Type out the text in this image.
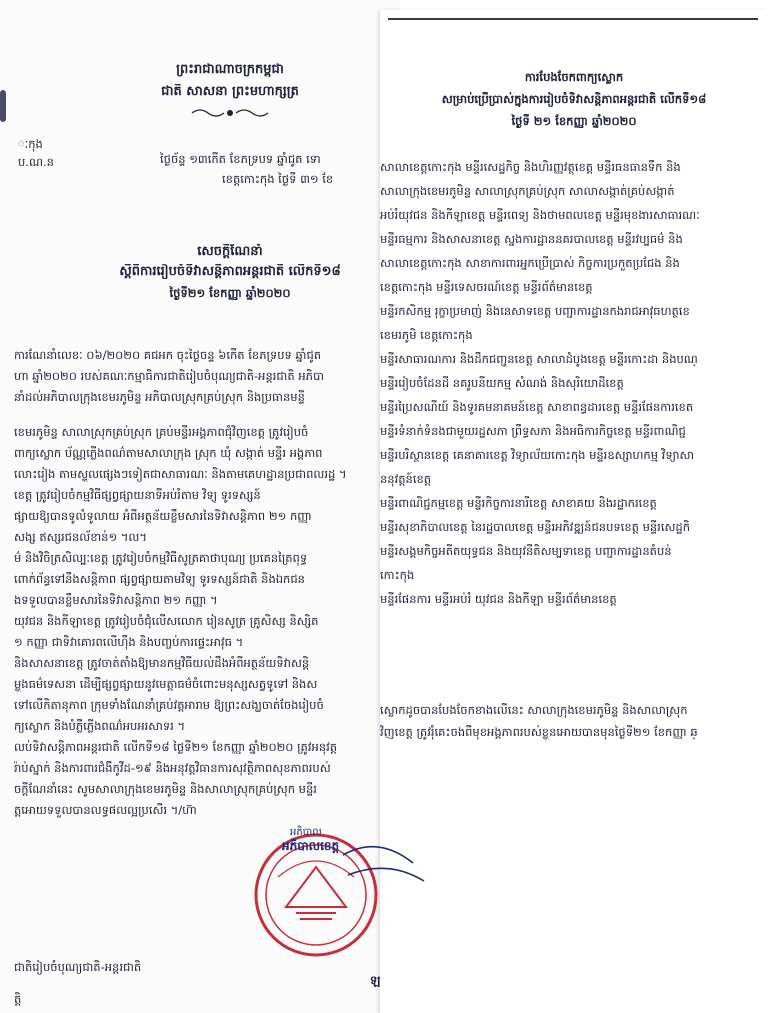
ព្រះរាជាណាចក្រកម្ពុជា
ជាតិ សាសនា ព្រះមហាក្សត្រ
ៈកុង
ប.ណ.ន	ថ្ងៃច័ន្ទ ១៣កើត ខែភទ្របទ ឆ្នាំជូត ទោ
ខេត្តកោះកុង ថ្ងៃទី ៣១ ខែ
សេចក្តីណែនាំ
ស្តីពីការរៀបចំទិវាសន្តិភាពអន្តរជាតិ លើកទី១៨
ថ្ងៃទី២១ ខែកញ្ញា ឆ្នាំ២០២០
ការណែនាំលេខៈ ០៦/២០២០ គជអក ចុះថ្ងៃចន្ទ ៦កើត ខែភទ្របទ ឆ្នាំជូត
ហា ឆ្នាំ២០២០ របស់គណៈកម្មាធិការជាតិរៀបចំបុណ្យជាតិ-អន្តរជាតិ អភិបា
នាំដល់អភិបាលក្រុងខេមរភូមិន្ទ អភិបាលស្រុកគ្រប់ស្រុក និងប្រធានមន្ទី
ខេមរភូមិន្ទ សាលាស្រុកគ្រប់ស្រុក គ្រប់មន្ទីរអង្គភាពជុំវិញខេត្ត ត្រូវរៀបចំ
ពាក្យស្លោក ប័ណ្ណភ្លើងពណ៌តាមសាលាក្រុង ស្រុក ឃុំ សង្កាត់ មន្ទីរ អង្គភាព
លោះរៀង តាមស្ទួលផ្សេងៗទៀតជាសាធារណៈ និងតាមគេហដ្ឋានប្រជាពលរដ្ឋ ។
ខេត្ត ត្រូវរៀបចំកម្មវិធីផ្សព្វផ្សាយនាទីអប់រំតាម វិទ្យុ ទូរទស្សន៍
ផ្សាយឱ្យបានទូលំទូលាយ អំពីអត្ថន័យខ្លឹមសារនៃទិវាសន្តិភាព ២១ កញ្ញា
សង្ស ឥស្សរជនល័ខាន់១ ។ល។
ម៌ និងវិចិត្រសិល្បៈខេត្ត ត្រូវរៀបចំកម្មវិធីសូត្រគាថាបុណ្យ ប្រគេនត្រៃពុទ្ធ
ពោក់ព័ន្ធទៅនឹងសន្តិភាព ផ្សព្វផ្សាយតាមវិទ្យុ ទូរទស្សន៍ជាតិ និងឯកជន
ងទទួលបានខ្លឹមសារនៃទិវាសន្តិភាព ២១ កញ្ញា ។
យុវជន និងកីឡាខេត្ត ត្រូវរៀបចំជុំលើសលោក រៀនសូត្រ គ្រូសិស្ស និស្សិត
១ កញ្ញា ជាទិវាគោរពលើហ៊ឹង និងបញ្ចប់ការផ្ទេះអាវុធ ។
និងសាសនាខេត្ត ត្រូវចាត់តាំងឱ្យមានកម្មវិធីយល់ដឹងអំពីអត្ថន័យទិវាសន្តិ
ម្លួងធម៌ទេសនា ដើម្បីផ្សព្វផ្សាយនូវមេត្តាធម៌ចំពោះមនុស្សសត្វទូទៅ និងស
ទៅលើកិតានុភាព ក្រុមទាំងណែនាំគ្រប់វត្តអារាម ឱ្យព្រះសង្ឃចាត់ចែងរៀបចំ
ក្យស្លោក និងបំភ្លឺភ្លើងពណ៌អបអរសាទរ ។
លប់ទិវាសន្តិភាពអន្តរជាតិ លើកទី១៨ ថ្ងៃទី២១ ខែកញ្ញា ឆ្នាំ២០២០ ត្រូវអនុវត្ត
រ៉ាប់ស្នាក់ និងការពារជំងឺកូវីដ-១៩ និងអនុវត្តវិធានការសុវត្ថិភាពសុខភាពរបស់
ចក្តីណែនាំនេះ សូមសាលាក្រុងខេមរភូមិន្ទ និងសាលាស្រុកគ្រប់ស្រុក មន្ទីរ
ត្តអោយទទួលបានលទ្ធផលល្អប្រសើរ ។/ហ៊ា
ជាតិរៀបចំបុណ្យជាតិ-អន្តរជាតិ
ត្តិ
ឡ
ការបែងចែកពាក្យស្លោក
សម្រាប់ប្រើប្រាស់ក្នុងការរៀបចំទិវាសន្តិភាពអន្តរជាតិ លើកទី១៨
ថ្ងៃទី ២១ ខែកញ្ញា ឆ្នាំ២០២០
សាលាខេត្តកោះកុង មន្ទីរសេដ្ឋកិច្ច និងហិរញ្ញវត្ថុខេត្ត មន្ទីរធនធានទឹក និង
សាលាក្រុងខេមរភូមិន្ទ សាលាស្រុកគ្រប់ស្រុក សាលាសង្កាត់គ្រប់សង្កាត់
អប់រំយុវជន និងកីឡាខេត្ត មន្ទីរពេទ្យ និងថាមពលខេត្ត មន្ទីរមុខងារសាធារណៈ
មន្ទីរធម្មការ និងសាសនាខេត្ត ស្នងការដ្ឋាននគរបាលខេត្ត មន្ទីរវប្បធម៌ និង
សាលាខេត្តកោះកុង សាខាការពារអ្នកប្រើប្រាស់ កិច្ចការប្រកួតប្រជែង និង
ខេត្តកោះកុង មន្ទីរទេសចរណ៍ខេត្ត មន្ទីរព័ត៌មានខេត្ត
មន្ទីរកសិកម្ម រុក្ខាប្រមាញ់ និងនេសាទខេត្ត បញ្ជាការដ្ឋានកងរាជអាវុធហត្ថខេ
ខេមរភូមិ ខេត្តកោះកុង
មន្ទីរសាធារណការ និងដឹកជញ្ជូនខេត្ត សាលាដំបូងខេត្ត មន្ទីរកោះដា និងបណ្
មន្ទីររៀបចំដែនដី នគរូបនីយកម្ម សំណង់ និងសុរិយោដីខេត្ត
មន្ទីរប្រៃសណីយ៍ និងទូរគមនាគមន៍ខេត្ត សាខាពន្ធដារខេត្ត មន្ទីរផែនការខេត
មន្ទីរទំនាក់ទំនងជាមួយរដ្ឋសភា ព្រឹទ្ធសភា និងអធិការកិច្ចខេត្ត មន្ទីរពាណិជ្ជ
មន្ទីរបរិស្ថានខេត្ត គេនាគារខេត្ត វិទ្យាល័យកោះកុង មន្ទីរឧស្សាហកម្ម វិទ្យាសា
ននុវត្តន៍ខេត្ត
មន្ទីរពាណិជ្ជកម្មខេត្ត មន្ទីរកិច្ចការនារីខេត្ត សាខាគយ និងរដ្ឋាករខេត្ត
មន្ទីរសុខាភិបាលខេត្ត នៃរដ្ឋបាលខេត្ត មន្ទីរអភិវឌ្ឍន៍ជនបទខេត្ត មន្ទីរសេដ្ឋកិ
មន្ទីរសង្គមកិច្ចអតីតយុទ្ធជន និងយុវនីតិសម្បទាខេត្ត បញ្ជាការដ្ឋានតំបន់
កោះកុង
មន្ទីរផែនការ មន្ទីរអប់រំ យុវជន និងកីឡា មន្ទីរព័ត៌មានខេត្ត
ស្លោកដូចបានបែងចែកខាងលើនេះ សាលាក្រុងខេមរភូមិន្ទ និងសាលាស្រុក
វិញខេត្ត ត្រូវរុំគេះចងពីមុខអង្គភាពរបស់ខ្លួនអោយបានមុនថ្ងៃទី២១ ខែកញ្ញា ឆ្
អភិបាល
អភិបាលខេត្ត
